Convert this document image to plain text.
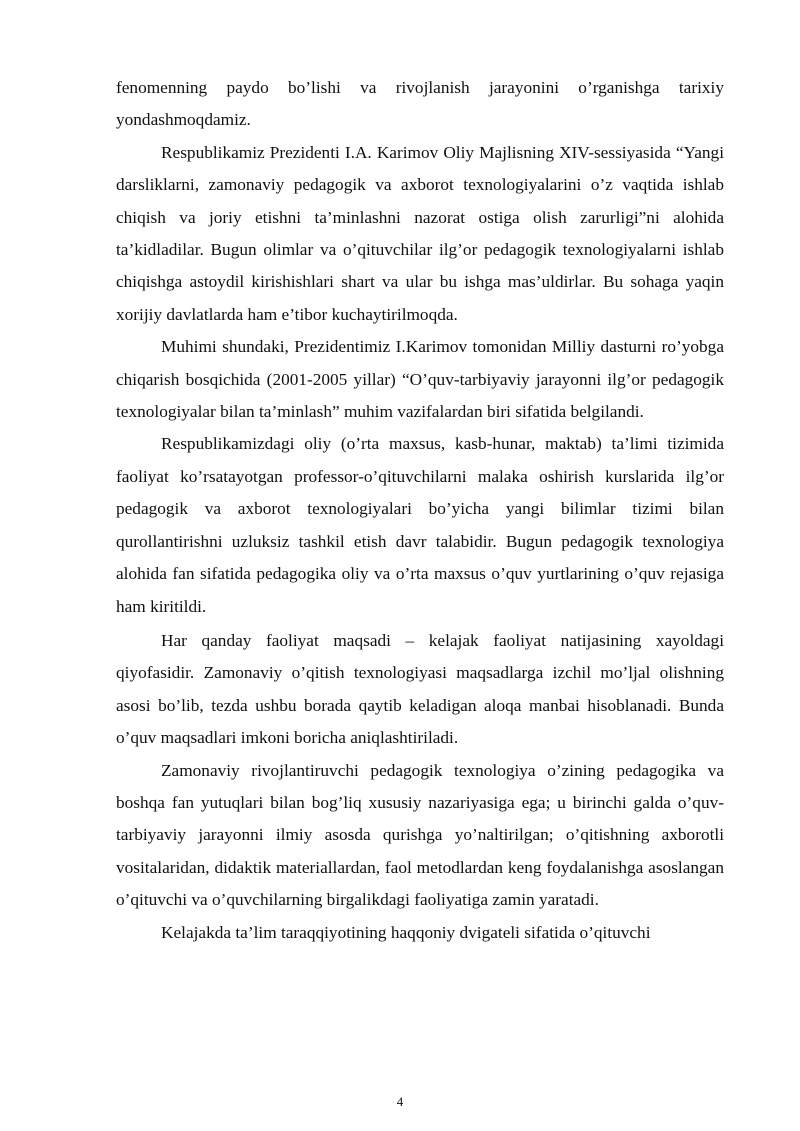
fenomenning paydo bo’lishi va rivojlanish jarayonini o’rganishga tarixiy yondashmoqdamiz.

Respublikamiz Prezidenti I.A. Karimov Oliy Majlisning XIV-sessiyasida “Yangi darsliklarni, zamonaviy pedagogik va axborot texnologiyalarini o’z vaqtida ishlab chiqish va joriy etishni ta’minlashni nazorat ostiga olish zarurligi”ni alohida ta’kidladilar. Bugun olimlar va o’qituvchilar ilg’or pedagogik texnologiyalarni ishlab chiqishga astoydil kirishishlari shart va ular bu ishga mas’uldirlar. Bu sohaga yaqin xorijiy davlatlarda ham e’tibor kuchaytirilmoqda.

Muhimi shundaki, Prezidentimiz I.Karimov tomonidan Milliy dasturni ro’yobga chiqarish bosqichida (2001-2005 yillar) “O’quv-tarbiyaviy jarayonni ilg’or pedagogik texnologiyalar bilan ta’minlash” muhim vazifalardan biri sifatida belgilandi.

Respublikamizdagi oliy (o’rta maxsus, kasb-hunar, maktab) ta’limi tizimida faoliyat ko’rsatayotgan professor-o’qituvchilarni malaka oshirish kurslarida ilg’or pedagogik va axborot texnologiyalari bo’yicha yangi bilimlar tizimi bilan qurollantirishni uzluksiz tashkil etish davr talabidir. Bugun pedagogik texnologiya alohida fan sifatida pedagogika oliy va o’rta maxsus o’quv yurtlarining o’quv rejasiga ham kiritildi.

Har qanday faoliyat maqsadi – kelajak faoliyat natijasining xayoldagi qiyofasidir. Zamonaviy o’qitish texnologiyasi maqsadlarga izchil mo’ljal olishning asosi bo’lib, tezda ushbu borada qaytib keladigan aloqa manbai hisoblanadi. Bunda o’quv maqsadlari imkoni boricha aniqlashtiriladi.

Zamonaviy rivojlantiruvchi pedagogik texnologiya o’zining pedagogika va boshqa fan yutuqlari bilan bog’liq xususiy nazariyasiga ega; u birinchi galda o’quv- tarbiyaviy jarayonni ilmiy asosda qurishga yo’naltirilgan; o’qitishning axborotli vositalaridan, didaktik materiallardan, faol metodlardan keng foydalanishga asoslangan o’qituvchi va o’quvchilarning birgalikdagi faoliyatiga zamin yaratadi.

Kelajakda ta’lim taraqqiyotining haqqoniy dvigateli sifatida o’qituvchi

4
